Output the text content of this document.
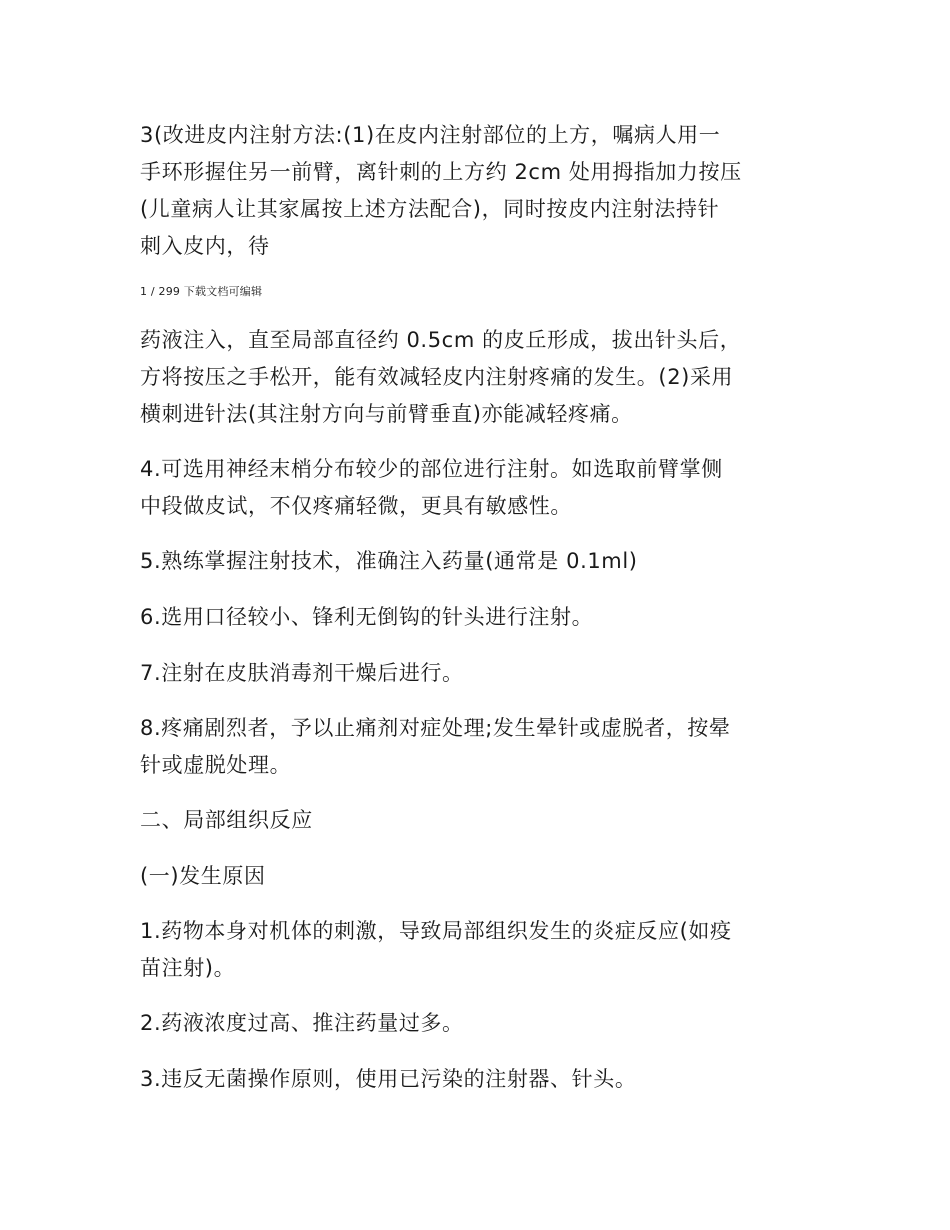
3(改进皮内注射方法:(1)在皮内注射部位的上方，嘱病人用一
手环形握住另一前臂，离针刺的上方约 2cm 处用拇指加力按压
(儿童病人让其家属按上述方法配合)，同时按皮内注射法持针
刺入皮内，待

1 / 299 下载文档可编辑

药液注入，直至局部直径约 0.5cm 的皮丘形成，拔出针头后，
方将按压之手松开，能有效减轻皮内注射疼痛的发生。(2)采用
横刺进针法(其注射方向与前臂垂直)亦能减轻疼痛。

4.可选用神经末梢分布较少的部位进行注射。如选取前臂掌侧
中段做皮试，不仅疼痛轻微，更具有敏感性。

5.熟练掌握注射技术，准确注入药量(通常是 0.1ml)

6.选用口径较小、锋利无倒钩的针头进行注射。

7.注射在皮肤消毒剂干燥后进行。

8.疼痛剧烈者，予以止痛剂对症处理;发生晕针或虚脱者，按晕
针或虚脱处理。

二、局部组织反应

(一)发生原因

1.药物本身对机体的刺激，导致局部组织发生的炎症反应(如疫
苗注射)。

2.药液浓度过高、推注药量过多。

3.违反无菌操作原则，使用已污染的注射器、针头。
